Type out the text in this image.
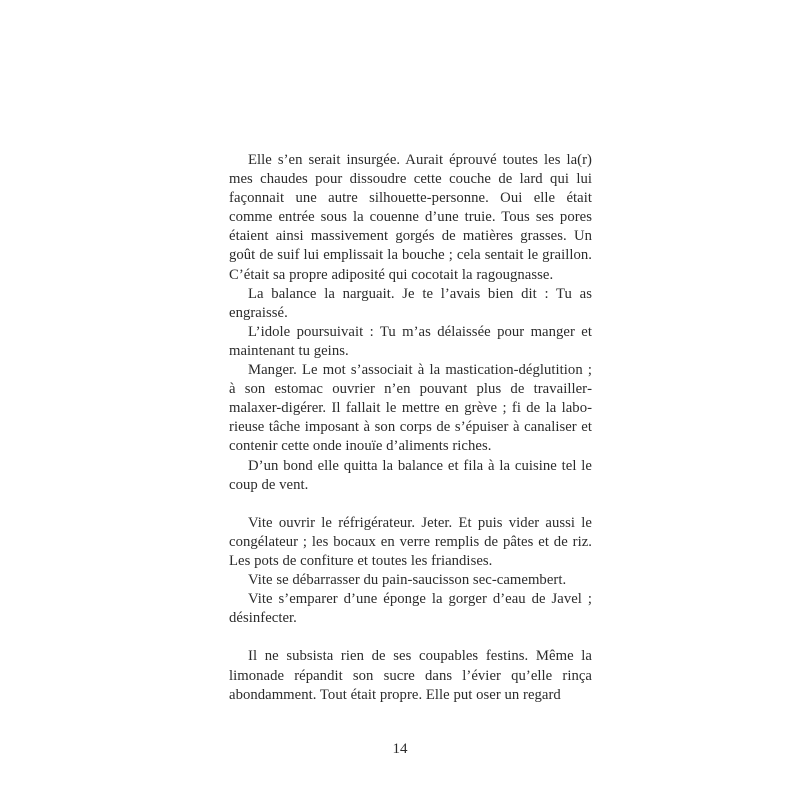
Elle s’en serait insurgée. Aurait éprouvé toutes les la(r) mes chaudes pour dissoudre cette couche de lard qui lui façonnait une autre silhouette-personne. Oui elle était comme entrée sous la couenne d’une truie. Tous ses pores étaient ainsi massivement gorgés de matières grasses. Un goût de suif lui emplissait la bouche ; cela sentait le graillon. C’était sa propre adiposité qui cocotait la ragougnasse.

La balance la narguait. Je te l’avais bien dit : Tu as engraissé.

L’idole poursuivait : Tu m’as délaissée pour manger et maintenant tu geins.

Manger. Le mot s’associait à la mastication-déglutition ; à son estomac ouvrier n’en pouvant plus de travaillermalaxer-digérer. Il fallait le mettre en grève ; fi de la laborieuse tâche imposant à son corps de s’épuiser à canaliser et contenir cette onde inouïe d’aliments riches.

D’un bond elle quitta la balance et fila à la cuisine tel le coup de vent.

Vite ouvrir le réfrigérateur. Jeter. Et puis vider aussi le congélateur ; les bocaux en verre remplis de pâtes et de riz. Les pots de confiture et toutes les friandises.

Vite se débarrasser du pain-saucisson sec-camembert.

Vite s’emparer d’une éponge la gorger d’eau de Javel ; désinfecter.

Il ne subsista rien de ses coupables festins. Même la limonade répandit son sucre dans l’évier qu’elle rinça abondamment. Tout était propre. Elle put oser un regard

14
